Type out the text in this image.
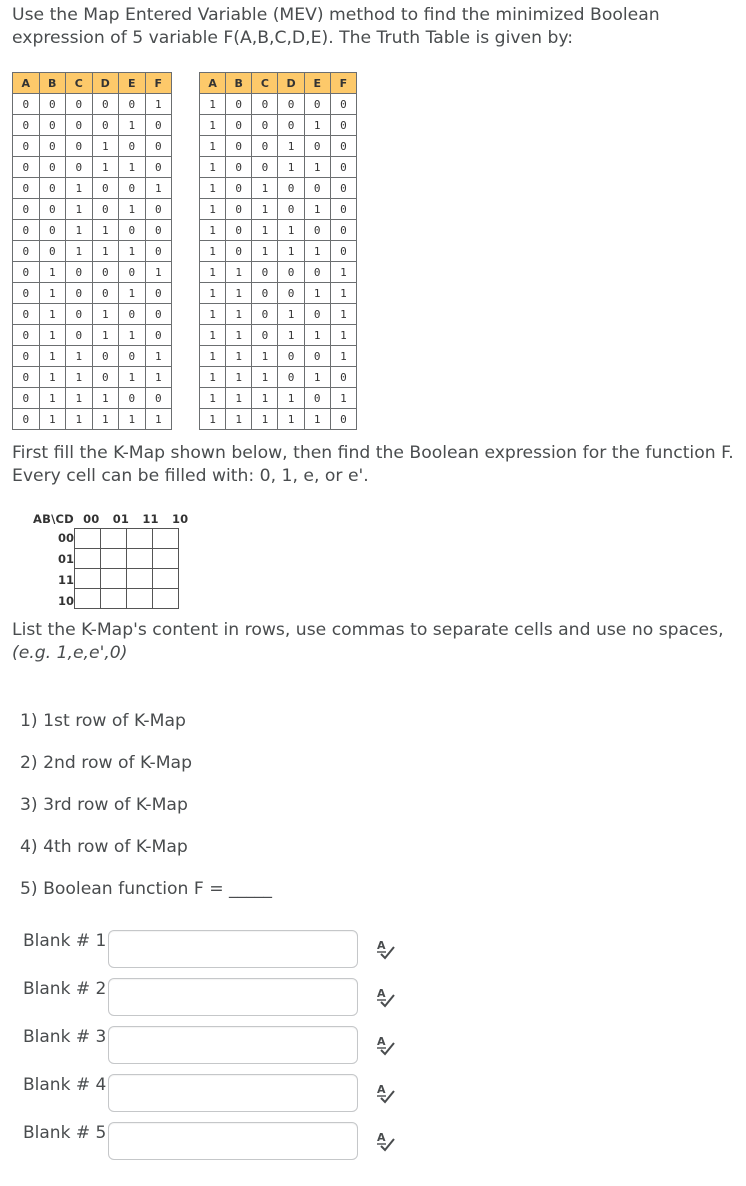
Use the Map Entered Variable (MEV) method to find the minimized Boolean expression of 5 variable F(A,B,C,D,E). The Truth Table is given by:

A	B	C	D	E	F
0	0	0	0	0	1
0	0	0	0	1	0
0	0	0	1	0	0
0	0	0	1	1	0
0	0	1	0	0	1
0	0	1	0	1	0
0	0	1	1	0	0
0	0	1	1	1	0
0	1	0	0	0	1
0	1	0	0	1	0
0	1	0	1	0	0
0	1	0	1	1	0
0	1	1	0	0	1
0	1	1	0	1	1
0	1	1	1	0	0
0	1	1	1	1	1
A	B	C	D	E	F
1	0	0	0	0	0
1	0	0	0	1	0
1	0	0	1	0	0
1	0	0	1	1	0
1	0	1	0	0	0
1	0	1	0	1	0
1	0	1	1	0	0
1	0	1	1	1	0
1	1	0	0	0	1
1	1	0	0	1	1
1	1	0	1	0	1
1	1	0	1	1	1
1	1	1	0	0	1
1	1	1	0	1	0
1	1	1	1	0	1
1	1	1	1	1	0

First fill the K-Map shown below, then find the Boolean expression for the function F. Every cell can be filled with: 0, 1, e, or e'.

AB\CD 00 01 11 10
00
01
11
10

List the K-Map's content in rows, use commas to separate cells and use no spaces,
(e.g. 1,e,e',0)

1) 1st row of K-Map
2) 2nd row of K-Map
3) 3rd row of K-Map
4) 4th row of K-Map
5) Boolean function F = _____
Blank # 1	A
Blank # 2	A
Blank # 3	A
Blank # 4	A
Blank # 5	A
